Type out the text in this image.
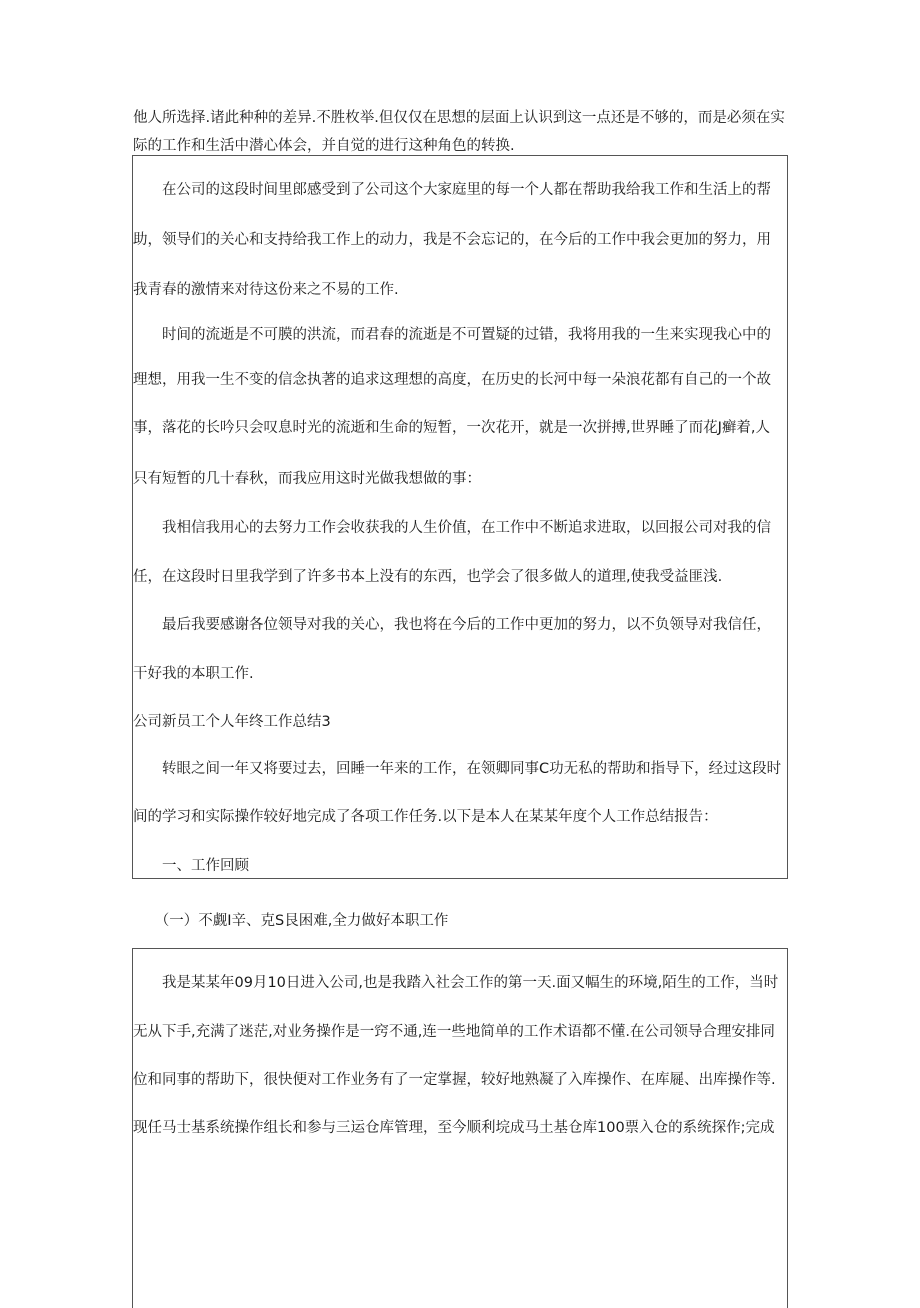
他人所选择.诸此种种的差异.不胜枚举.但仅仅在思想的层面上认识到这一点还是不够的，而是必须在实
际的工作和生活中潜心体会，并自觉的进行这种角色的转换.

　　在公司的这段时间里郎感受到了公司这个大家庭里的每一个人都在帮助我给我工作和生活上的帮
助，领导们的关心和支持给我工作上的动力，我是不会忘记的，在今后的工作中我会更加的努力，用
我青春的激情来对待这份来之不易的工作.
　　时间的流逝是不可膜的洪流，而君春的流逝是不可置疑的过错，我将用我的一生来实现我心中的
理想，用我一生不变的信念执著的追求这理想的高度，在历史的长河中每一朵浪花都有自己的一个故
事，落花的长吟只会叹息时光的流逝和生命的短暂，一次花开，就是一次拼搏,世界睡了而花J癣着,人
只有短暂的几十春秋，而我应用这时光做我想做的事：
　　我相信我用心的去努力工作会收获我的人生价值，在工作中不断追求进取，以回报公司对我的信
任，在这段时日里我学到了许多书本上没有的东西，也学会了很多做人的道理,使我受益匪浅.
　　最后我要感谢各位领导对我的关心，我也将在今后的工作中更加的努力，以不负领导对我信任，
干好我的本职工作.
公司新员工个人年终工作总结3
　　转眼之间一年又将要过去，回睡一年来的工作，在领卿同事C功无私的帮助和指导下，经过这段时
间的学习和实际操作较好地完成了各项工作任务.以下是本人在某某年度个人工作总结报告：
　　一、工作回顾
　　（一）不觑I辛、克S艮困难,全力做好本职工作
　　我是某某年09月10日进入公司,也是我踏入社会工作的第一天.面又幅生的环境,陌生的工作，当时
无从下手,充满了迷茫,对业务操作是一窍不通,连一些地简单的工作术语都不懂.在公司领导合理安排同
位和同事的帮助下，很快便对工作业务有了一定掌握，较好地熟凝了入库操作、在库屣、出库操作等.
现任马士基系统操作组长和参与三运仓库管理，至今顺利垸成马土基仓库100票入仓的系统探作;完成
